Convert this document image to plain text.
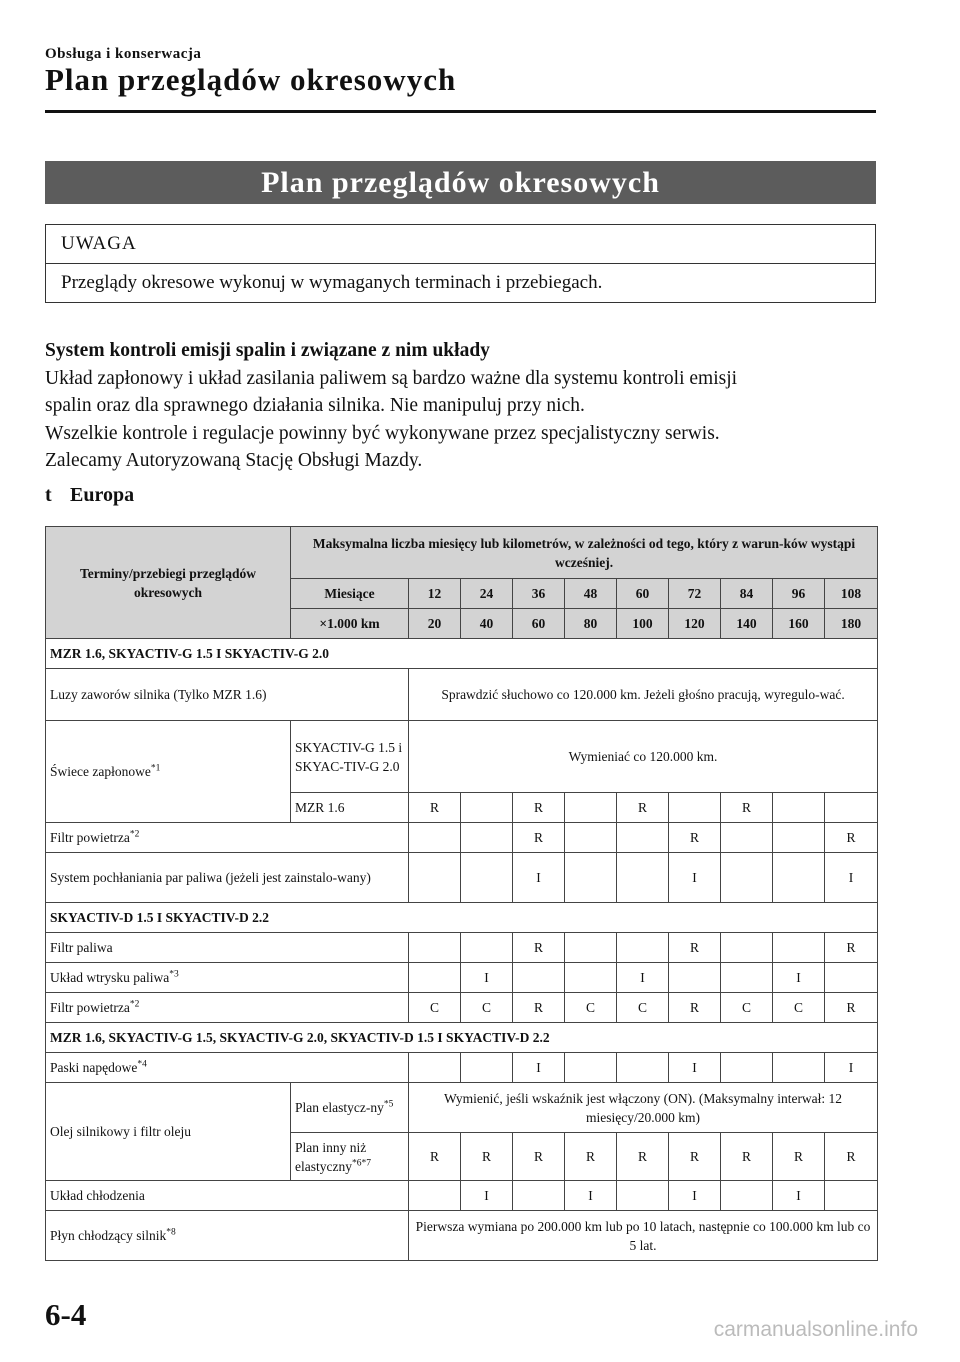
Obsługa i konserwacja
Plan przeglądów okresowych
Plan przeglądów okresowych
UWAGA
Przeglądy okresowe wykonuj w wymaganych terminach i przebiegach.
System kontroli emisji spalin i związane z nim układy
Układ zapłonowy i układ zasilania paliwem są bardzo ważne dla systemu kontroli emisji
spalin oraz dla sprawnego działania silnika. Nie manipuluj przy nich.
Wszelkie kontrole i regulacje powinny być wykonywane przez specjalistyczny serwis.
Zalecamy Autoryzowaną Stację Obsługi Mazdy.
t Europa
Terminy/przebiegi przeglądów okresowych	Maksymalna liczba miesięcy lub kilometrów, w zależności od tego, który z warun-ków wystąpi wcześniej.									
	Miesiące	12	24	36	48	60	72	84	96	108
	×1.000 km	20	40	60	80	100	120	140	160	180
MZR 1.6, SKYACTIV-G 1.5 I SKYACTIV-G 2.0										
Luzy zaworów silnika (Tylko MZR 1.6)		Sprawdzić słuchowo co 120.000 km. Jeżeli głośno pracują, wyregulo-wać.								
Świece zapłonowe$^{*1}$	SKYACTIV-G 1.5 i SKYAC-TIV-G 2.0	Wymieniać co 120.000 km.								
	MZR 1.6	R		R		R		R		
Filtr powietrza$^{*2}$				R			R			R
System pochłaniania par paliwa (jeżeli jest zainstalo-wany)				I			I			I
SKYACTIV-D 1.5 I SKYACTIV-D 2.2										
Filtr paliwa				R			R			R
Układ wtrysku paliwa$^{*3}$			I			I			I	
Filtr powietrza$^{*2}$		C	C	R	C	C	R	C	C	R
MZR 1.6, SKYACTIV-G 1.5, SKYACTIV-G 2.0, SKYACTIV-D 1.5 I SKYACTIV-D 2.2										
Paski napędowe$^{*4}$				I			I			I
Olej silnikowy i filtr oleju	Plan elastycz-$ny^{*5}$	Wymienić, jeśli wskaźnik jest włączony (ON). (Maksymalny interwał: 12 miesięcy/20.000 km)								
	Plan inny niż elastyczny$^{*6*7}$	R	R	R	R	R	R	R	R	R
Układ chłodzenia			I		I		I		I	
Płyn chłodzący silnik$^{*8}$		Pierwsza wymiana po 200.000 km lub po 10 latach, następnie co 100.000 km lub co 5 lat.								
6-4	carmanualsonline.info
